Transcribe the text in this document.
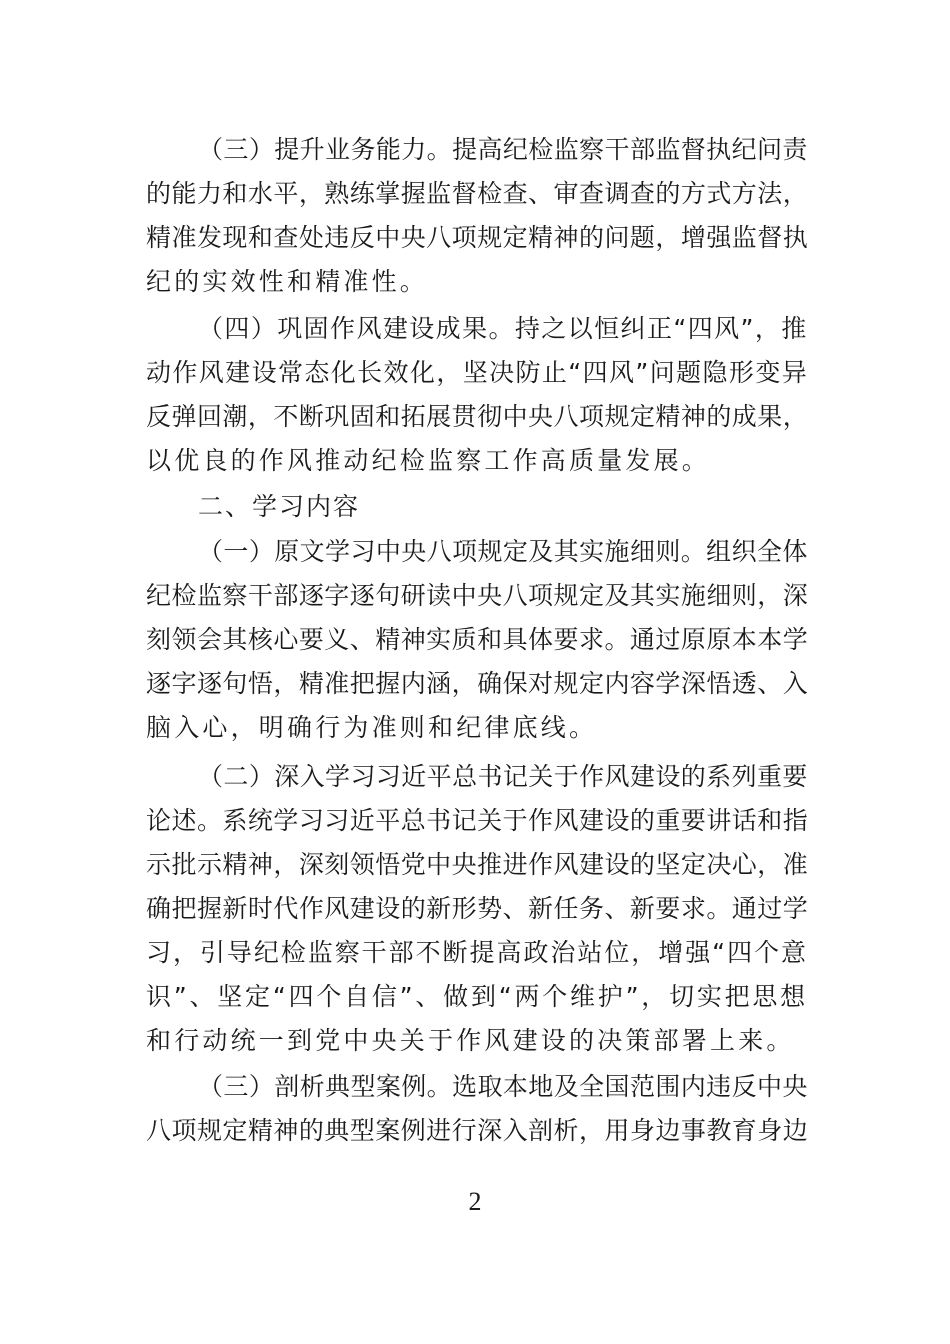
（三）提升业务能力。提高纪检监察干部监督执纪问责
的能力和水平，熟练掌握监督检查、审查调查的方式方法，
精准发现和查处违反中央八项规定精神的问题，增强监督执
纪的实效性和精准性。
（四）巩固作风建设成果。持之以恒纠正“四风”，推
动作风建设常态化长效化，坚决防止“四风”问题隐形变异
反弹回潮，不断巩固和拓展贯彻中央八项规定精神的成果，
以优良的作风推动纪检监察工作高质量发展。
二、学习内容
（一）原文学习中央八项规定及其实施细则。组织全体
纪检监察干部逐字逐句研读中央八项规定及其实施细则，深
刻领会其核心要义、精神实质和具体要求。通过原原本本学
逐字逐句悟，精准把握内涵，确保对规定内容学深悟透、入
脑入心，明确行为准则和纪律底线。
（二）深入学习习近平总书记关于作风建设的系列重要
论述。系统学习习近平总书记关于作风建设的重要讲话和指
示批示精神，深刻领悟党中央推进作风建设的坚定决心，准
确把握新时代作风建设的新形势、新任务、新要求。通过学
习，引导纪检监察干部不断提高政治站位，增强“四个意
识”、坚定“四个自信”、做到“两个维护”，切实把思想
和行动统一到党中央关于作风建设的决策部署上来。
（三）剖析典型案例。选取本地及全国范围内违反中央
八项规定精神的典型案例进行深入剖析，用身边事教育身边
2
